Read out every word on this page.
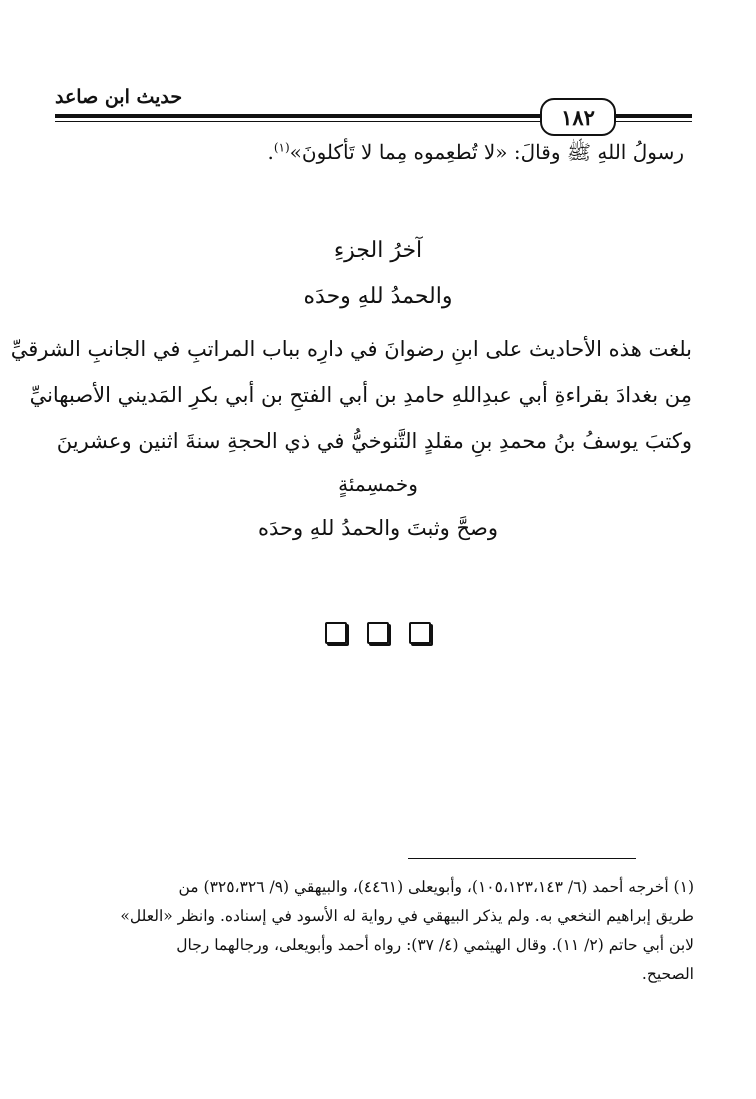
حديث ابن صاعد
١٨٢
رسولُ اللهِ ﷺ وقالَ: «لا تُطعِموه مِما لا تَأكلونَ»$^{(١)}$.
آخرُ الجزءِ
والحمدُ للهِ وحدَه
بلغت هذه الأحاديث على ابنِ رضوانَ في دارِه بباب المراتبِ في الجانبِ الشرقيِّ
مِن بغدادَ بقراءةِ أبي عبدِاللهِ حامدِ بن أبي الفتحِ بن أبي بكرِ المَديني الأصبهانيِّ
وكتبَ يوسفُ بنُ محمدِ بنِ مقلدٍ التَّنوخيُّ في ذي الحجةِ سنةَ اثنين وعشرينَ
وخمسِمئةٍ
وصحَّ وثبتَ والحمدُ للهِ وحدَه
(١) أخرجه أحمد (٦/ ١٠٥،١٢٣،١٤٣)، وأبويعلى (٤٤٦١)، والبيهقي (٩/ ٣٢٥،٣٢٦) من
طريق إبراهيم النخعي به. ولم يذكر البيهقي في رواية له الأسود في إسناده. وانظر «العلل»
لابن أبي حاتم (٢/ ١١). وقال الهيثمي (٤/ ٣٧): رواه أحمد وأبويعلى، ورجالهما رجال
الصحيح.
